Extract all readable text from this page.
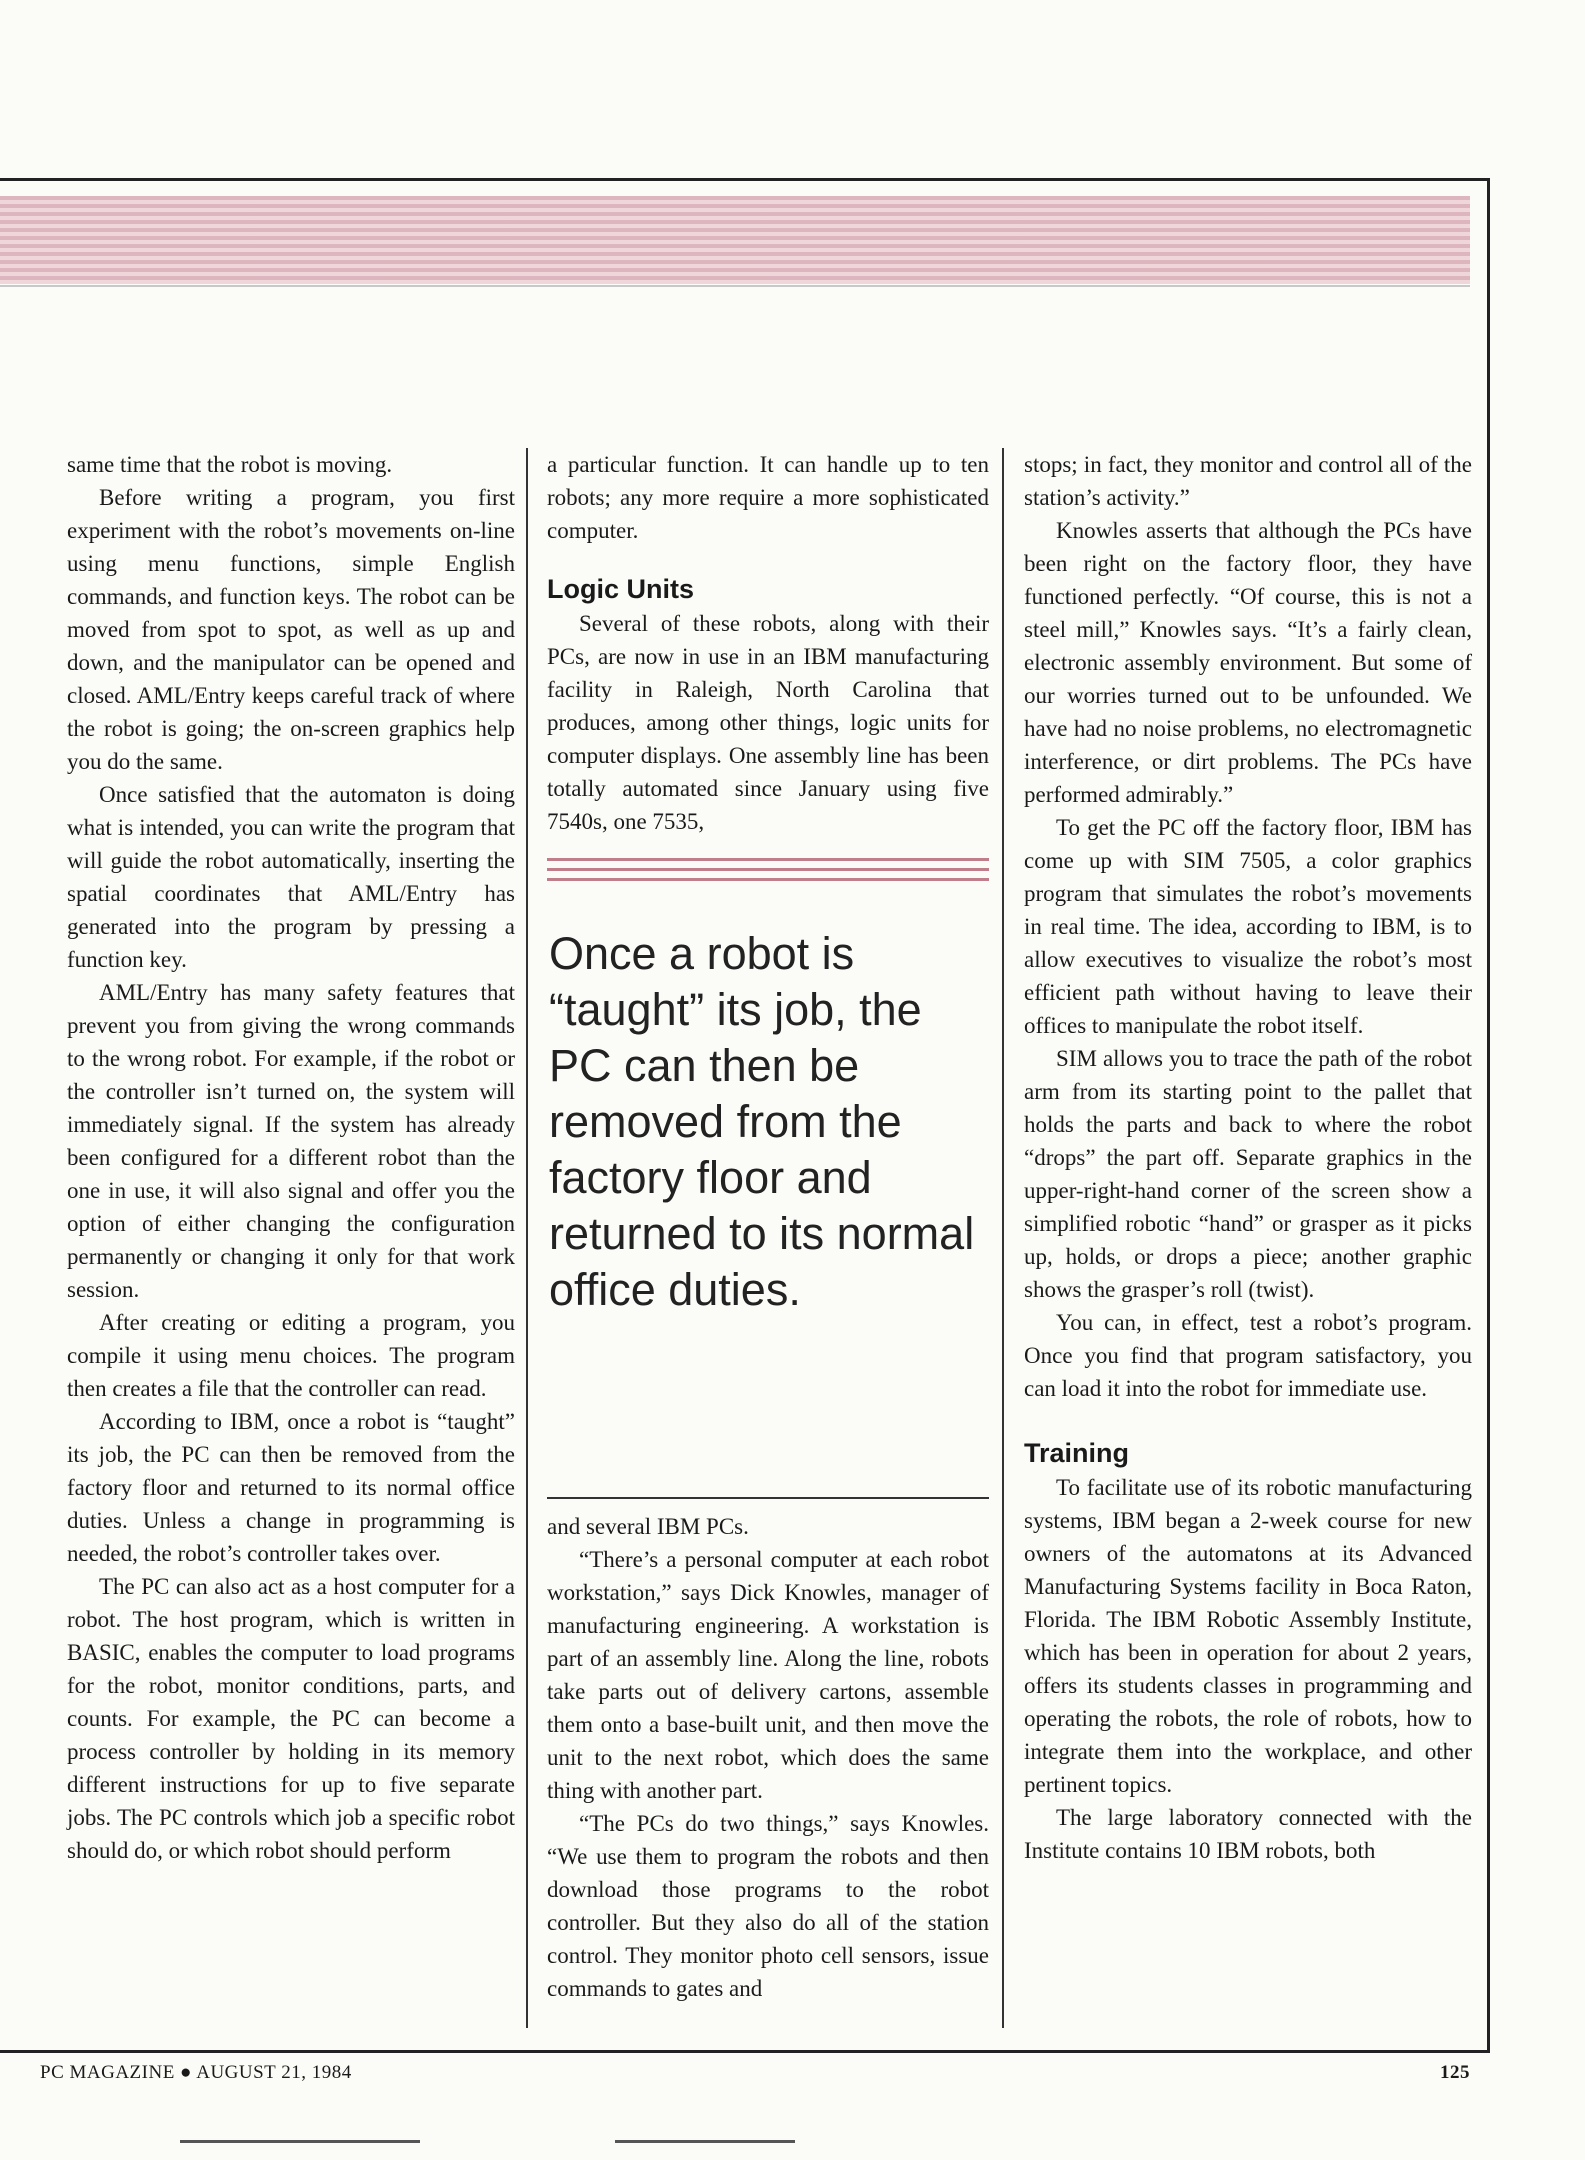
same time that the robot is moving.

Before writing a program, you first experiment with the robot’s movements on-line using menu functions, simple English commands, and function keys. The robot can be moved from spot to spot, as well as up and down, and the manipulator can be opened and closed. AML/Entry keeps careful track of where the robot is going; the on-screen graphics help you do the same.

Once satisfied that the automaton is doing what is intended, you can write the program that will guide the robot automatically, inserting the spatial coordinates that AML/Entry has generated into the program by pressing a function key.

AML/Entry has many safety features that prevent you from giving the wrong commands to the wrong robot. For example, if the robot or the controller isn’t turned on, the system will immediately signal. If the system has already been configured for a different robot than the one in use, it will also signal and offer you the option of either changing the configuration permanently or changing it only for that work session.

After creating or editing a program, you compile it using menu choices. The program then creates a file that the controller can read.

According to IBM, once a robot is “taught” its job, the PC can then be removed from the factory floor and returned to its normal office duties. Unless a change in programming is needed, the robot’s controller takes over.

The PC can also act as a host computer for a robot. The host program, which is written in BASIC, enables the computer to load programs for the robot, monitor conditions, parts, and counts. For example, the PC can become a process controller by holding in its memory different instructions for up to five separate jobs. The PC controls which job a specific robot should do, or which robot should perform

a particular function. It can handle up to ten robots; any more require a more sophisticated computer.

Logic Units

Several of these robots, along with their PCs, are now in use in an IBM manufacturing facility in Raleigh, North Carolina that produces, among other things, logic units for computer displays. One assembly line has been totally automated since January using five 7540s, one 7535,

Once a robot is “taught” its job, the PC can then be removed from the factory floor and returned to its normal office duties.

and several IBM PCs.

“There’s a personal computer at each robot workstation,” says Dick Knowles, manager of manufacturing engineering. A workstation is part of an assembly line. Along the line, robots take parts out of delivery cartons, assemble them onto a base-built unit, and then move the unit to the next robot, which does the same thing with another part.

“The PCs do two things,” says Knowles. “We use them to program the robots and then download those programs to the robot controller. But they also do all of the station control. They monitor photo cell sensors, issue commands to gates and

stops; in fact, they monitor and control all of the station’s activity.”

Knowles asserts that although the PCs have been right on the factory floor, they have functioned perfectly. “Of course, this is not a steel mill,” Knowles says. “It’s a fairly clean, electronic assembly environment. But some of our worries turned out to be unfounded. We have had no noise problems, no electromagnetic interference, or dirt problems. The PCs have performed admirably.”

To get the PC off the factory floor, IBM has come up with SIM 7505, a color graphics program that simulates the robot’s movements in real time. The idea, according to IBM, is to allow executives to visualize the robot’s most efficient path without having to leave their offices to manipulate the robot itself.

SIM allows you to trace the path of the robot arm from its starting point to the pallet that holds the parts and back to where the robot “drops” the part off. Separate graphics in the upper-right-hand corner of the screen show a simplified robotic “hand” or grasper as it picks up, holds, or drops a piece; another graphic shows the grasper’s roll (twist).

You can, in effect, test a robot’s program. Once you find that program satisfactory, you can load it into the robot for immediate use.

Training

To facilitate use of its robotic manufacturing systems, IBM began a 2-week course for new owners of the automatons at its Advanced Manufacturing Systems facility in Boca Raton, Florida. The IBM Robotic Assembly Institute, which has been in operation for about 2 years, offers its students classes in programming and operating the robots, the role of robots, how to integrate them into the workplace, and other pertinent topics.

The large laboratory connected with the Institute contains 10 IBM robots, both

PC MAGAZINE ● AUGUST 21, 1984	125
